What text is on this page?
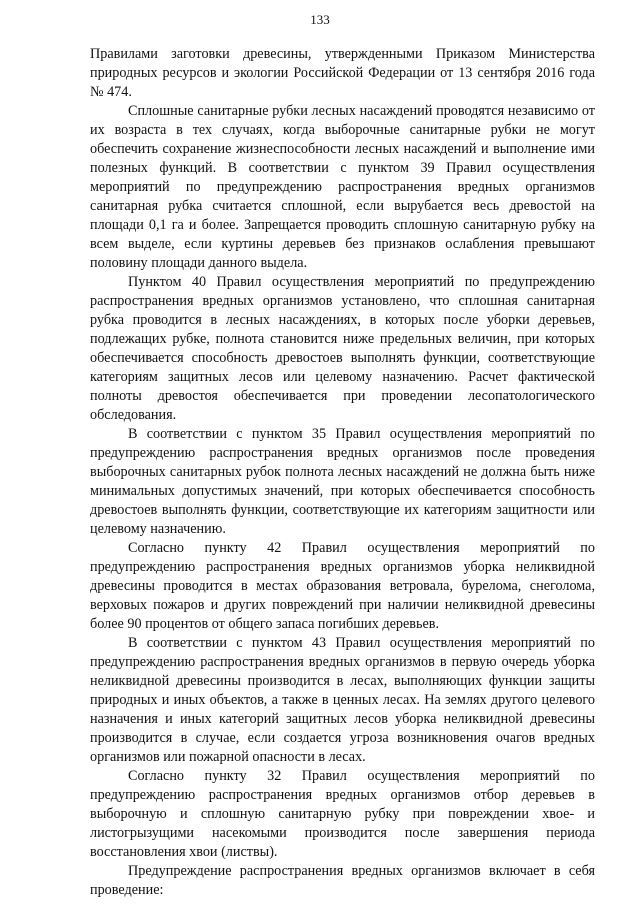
133

Правилами заготовки древесины, утвержденными Приказом Министерства природных ресурсов и экологии Российской Федерации от 13 сентября 2016 года № 474.

Сплошные санитарные рубки лесных насаждений проводятся независимо от их возраста в тех случаях, когда выборочные санитарные рубки не могут обеспечить сохранение жизнеспособности лесных насаждений и выполнение ими полезных функций. В соответствии с пунктом 39 Правил осуществления мероприятий по предупреждению распространения вредных организмов санитарная рубка считается сплошной, если вырубается весь древостой на площади 0,1 га и более. Запрещается проводить сплошную санитарную рубку на всем выделе, если куртины деревьев без признаков ослабления превышают половину площади данного выдела.

Пунктом 40 Правил осуществления мероприятий по предупреждению распространения вредных организмов установлено, что сплошная санитарная рубка проводится в лесных насаждениях, в которых после уборки деревьев, подлежащих рубке, полнота становится ниже предельных величин, при которых обеспечивается способность древостоев выполнять функции, соответствующие категориям защитных лесов или целевому назначению. Расчет фактической полноты древостоя обеспечивается при проведении лесопатологического обследования.

В соответствии с пунктом 35 Правил осуществления мероприятий по предупреждению распространения вредных организмов после проведения выборочных санитарных рубок полнота лесных насаждений не должна быть ниже минимальных допустимых значений, при которых обеспечивается способность древостоев выполнять функции, соответствующие их категориям защитности или целевому назначению.

Согласно пункту 42 Правил осуществления мероприятий по предупреждению распространения вредных организмов уборка неликвидной древесины проводится в местах образования ветровала, бурелома, снеголома, верховых пожаров и других повреждений при наличии неликвидной древесины более 90 процентов от общего запаса погибших деревьев.

В соответствии с пунктом 43 Правил осуществления мероприятий по предупреждению распространения вредных организмов в первую очередь уборка неликвидной древесины производится в лесах, выполняющих функции защиты природных и иных объектов, а также в ценных лесах. На землях другого целевого назначения и иных категорий защитных лесов уборка неликвидной древесины производится в случае, если создается угроза возникновения очагов вредных организмов или пожарной опасности в лесах.

Согласно пункту 32 Правил осуществления мероприятий по предупреждению распространения вредных организмов отбор деревьев в выборочную и сплошную санитарную рубку при повреждении хвое- и листогрызущими насекомыми производится после завершения периода восстановления хвои (листвы).

Предупреждение распространения вредных организмов включает в себя проведение:
